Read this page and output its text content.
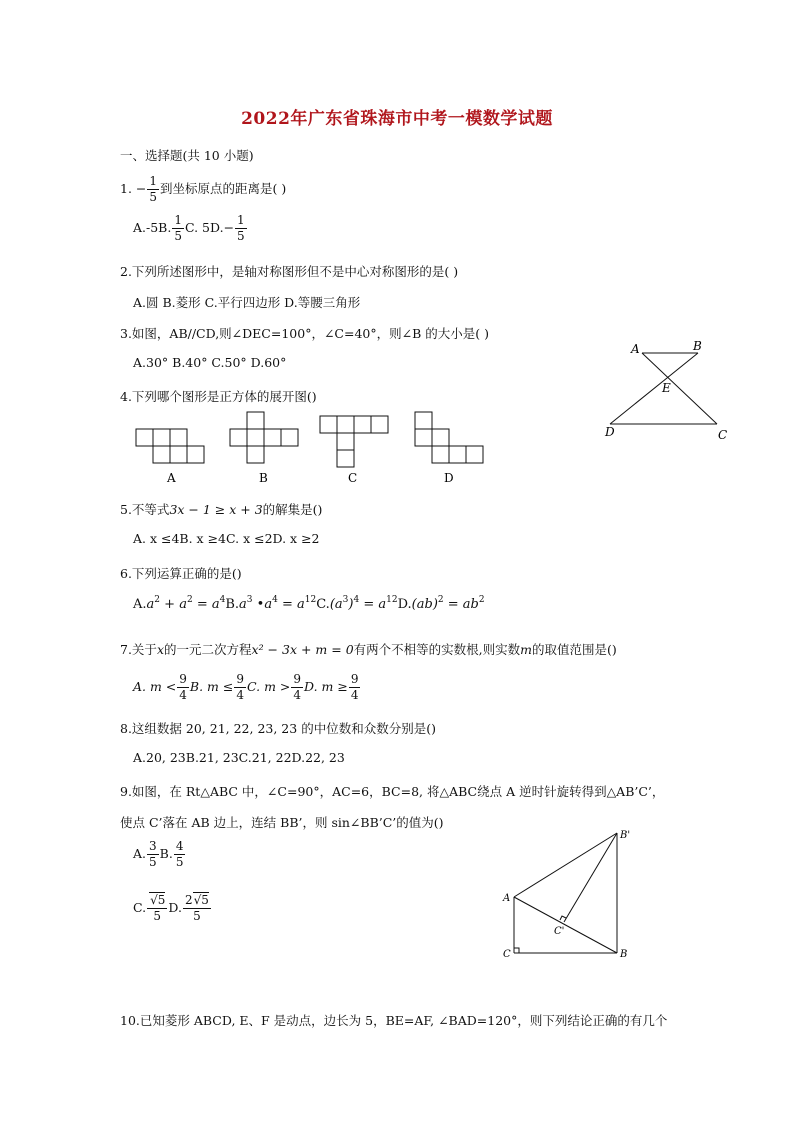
2022年广东省珠海市中考一模数学试题
一、选择题(共 10 小题)
1. − $\frac{1}{5}$ 到坐标原点的距离是( )
A.-5B. $\frac{1}{5} C$. $5D.- \frac{1}{5}$
2.下列所述图形中，是轴对称图形但不是中心对称图形的是( )
A.圆 B.菱形 C.平行四边形 D.等腰三角形
3.如图，AB//CD,则∠DEC=100°，∠C=40°，则∠B 的大小是( )
A.30° B.40° C.50° D.60°
A	B
E
D	C
4.下列哪个图形是正方体的展开图()
A	B	C	D
5.不等式3x − 1 ≥ x + 3的解集是()
A. x ≤4B. x ≥4C. x ≤2D. x ≥2
6.下列运算正确的是()
$A.a^2 + a^2 = a^4B.a^3$ $•a^4 = a^{12}C.(a^3)^4 = a^{12}D.(ab)^2 = ab^2$
7.关于x的一元二次方程x² − 3x + m = 0有两个不相等的实数根,则实数m的取值范围是()
A. $m < \frac{9}{4} B$. $m \le \frac{9}{4} C$. $m > \frac{9}{4} D$. $m \ge \frac{9}{4}$
8.这组数据 20, 21, 22, 23, 23 的中位数和众数分别是()
A.20, 23B.21, 23C.21, 22D.22, 23
9.如图，在 Rt△ABC 中，∠C=90°，AC=6，BC=8, 将△ABC绕点 A 逆时针旋转得到△AB’C’，
使点 C’落在 AB 边上，连结 BB’，则 sin∠BB’C’的值为()
A. $\frac{3}{5} B$. $\frac{4}{5}$
C. $\frac{√5}{5} D$. $\frac{2√5}{5}$
B'
A
C'
C	B
10.已知菱形 ABCD, E、F 是动点，边长为 5，BE=AF, ∠BAD=120°，则下列结论正确的有几个
